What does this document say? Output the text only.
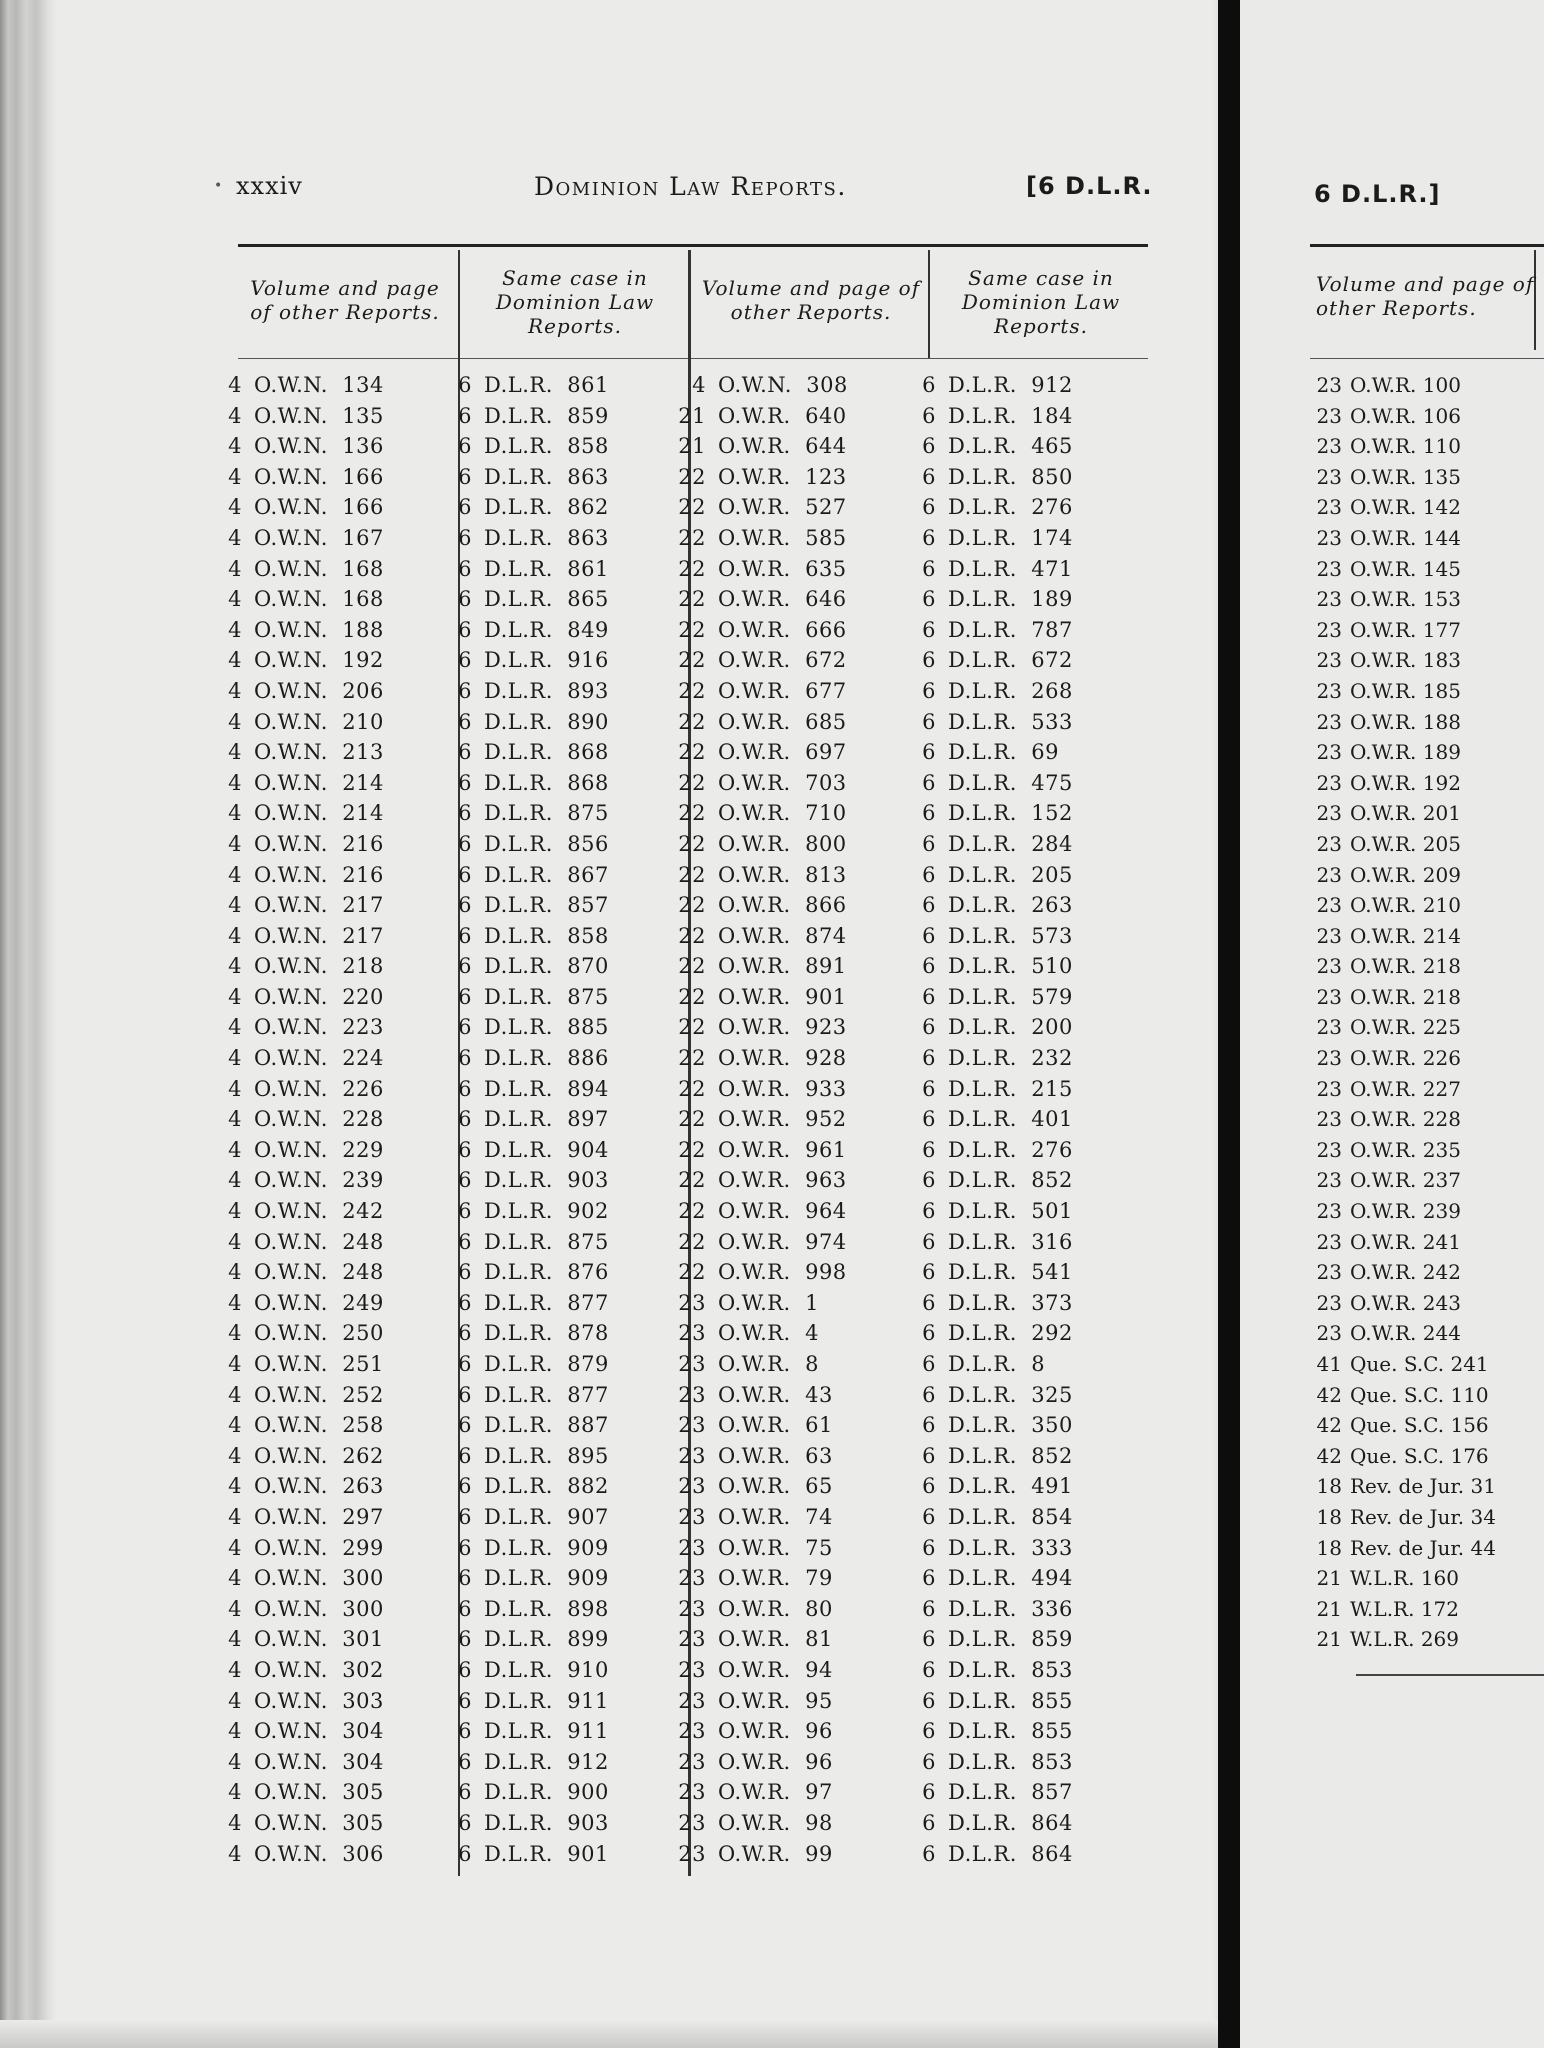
• xxxiv	Dominion Law Reports.	[6 D.L.R.
Volume and page of other Reports.
Same case in Dominion Law Reports.
Volume and page of other Reports.
Same case in Dominion Law Reports.
4 O.W.N.  134
4 O.W.N.  135
4 O.W.N.  136
4 O.W.N.  166
4 O.W.N.  166
4 O.W.N.  167
4 O.W.N.  168
4 O.W.N.  168
4 O.W.N.  188
4 O.W.N.  192
4 O.W.N.  206
4 O.W.N.  210
4 O.W.N.  213
4 O.W.N.  214
4 O.W.N.  214
4 O.W.N.  216
4 O.W.N.  216
4 O.W.N.  217
4 O.W.N.  217
4 O.W.N.  218
4 O.W.N.  220
4 O.W.N.  223
4 O.W.N.  224
4 O.W.N.  226
4 O.W.N.  228
4 O.W.N.  229
4 O.W.N.  239
4 O.W.N.  242
4 O.W.N.  248
4 O.W.N.  248
4 O.W.N.  249
4 O.W.N.  250
4 O.W.N.  251
4 O.W.N.  252
4 O.W.N.  258
4 O.W.N.  262
4 O.W.N.  263
4 O.W.N.  297
4 O.W.N.  299
4 O.W.N.  300
4 O.W.N.  300
4 O.W.N.  301
4 O.W.N.  302
4 O.W.N.  303
4 O.W.N.  304
4 O.W.N.  304
4 O.W.N.  305
4 O.W.N.  305
4 O.W.N.  306
6 D.L.R.  861
6 D.L.R.  859
6 D.L.R.  858
6 D.L.R.  863
6 D.L.R.  862
6 D.L.R.  863
6 D.L.R.  861
6 D.L.R.  865
6 D.L.R.  849
6 D.L.R.  916
6 D.L.R.  893
6 D.L.R.  890
6 D.L.R.  868
6 D.L.R.  868
6 D.L.R.  875
6 D.L.R.  856
6 D.L.R.  867
6 D.L.R.  857
6 D.L.R.  858
6 D.L.R.  870
6 D.L.R.  875
6 D.L.R.  885
6 D.L.R.  886
6 D.L.R.  894
6 D.L.R.  897
6 D.L.R.  904
6 D.L.R.  903
6 D.L.R.  902
6 D.L.R.  875
6 D.L.R.  876
6 D.L.R.  877
6 D.L.R.  878
6 D.L.R.  879
6 D.L.R.  877
6 D.L.R.  887
6 D.L.R.  895
6 D.L.R.  882
6 D.L.R.  907
6 D.L.R.  909
6 D.L.R.  909
6 D.L.R.  898
6 D.L.R.  899
6 D.L.R.  910
6 D.L.R.  911
6 D.L.R.  911
6 D.L.R.  912
6 D.L.R.  900
6 D.L.R.  903
6 D.L.R.  901
4 O.W.N.  308
21 O.W.R.  640
21 O.W.R.  644
22 O.W.R.  123
22 O.W.R.  527
22 O.W.R.  585
22 O.W.R.  635
22 O.W.R.  646
22 O.W.R.  666
22 O.W.R.  672
22 O.W.R.  677
22 O.W.R.  685
22 O.W.R.  697
22 O.W.R.  703
22 O.W.R.  710
22 O.W.R.  800
22 O.W.R.  813
22 O.W.R.  866
22 O.W.R.  874
22 O.W.R.  891
22 O.W.R.  901
22 O.W.R.  923
22 O.W.R.  928
22 O.W.R.  933
22 O.W.R.  952
22 O.W.R.  961
22 O.W.R.  963
22 O.W.R.  964
22 O.W.R.  974
22 O.W.R.  998
23 O.W.R.  1
23 O.W.R.  4
23 O.W.R.  8
23 O.W.R.  43
23 O.W.R.  61
23 O.W.R.  63
23 O.W.R.  65
23 O.W.R.  74
23 O.W.R.  75
23 O.W.R.  79
23 O.W.R.  80
23 O.W.R.  81
23 O.W.R.  94
23 O.W.R.  95
23 O.W.R.  96
23 O.W.R.  96
23 O.W.R.  97
23 O.W.R.  98
23 O.W.R.  99
6 D.L.R.  912
6 D.L.R.  184
6 D.L.R.  465
6 D.L.R.  850
6 D.L.R.  276
6 D.L.R.  174
6 D.L.R.  471
6 D.L.R.  189
6 D.L.R.  787
6 D.L.R.  672
6 D.L.R.  268
6 D.L.R.  533
6 D.L.R.  69
6 D.L.R.  475
6 D.L.R.  152
6 D.L.R.  284
6 D.L.R.  205
6 D.L.R.  263
6 D.L.R.  573
6 D.L.R.  510
6 D.L.R.  579
6 D.L.R.  200
6 D.L.R.  232
6 D.L.R.  215
6 D.L.R.  401
6 D.L.R.  276
6 D.L.R.  852
6 D.L.R.  501
6 D.L.R.  316
6 D.L.R.  541
6 D.L.R.  373
6 D.L.R.  292
6 D.L.R.  8
6 D.L.R.  325
6 D.L.R.  350
6 D.L.R.  852
6 D.L.R.  491
6 D.L.R.  854
6 D.L.R.  333
6 D.L.R.  494
6 D.L.R.  336
6 D.L.R.  859
6 D.L.R.  853
6 D.L.R.  855
6 D.L.R.  855
6 D.L.R.  853
6 D.L.R.  857
6 D.L.R.  864
6 D.L.R.  864
6 D.L.R.]
Volume and page of other Reports.
23 O.W.R. 100
23 O.W.R. 106
23 O.W.R. 110
23 O.W.R. 135
23 O.W.R. 142
23 O.W.R. 144
23 O.W.R. 145
23 O.W.R. 153
23 O.W.R. 177
23 O.W.R. 183
23 O.W.R. 185
23 O.W.R. 188
23 O.W.R. 189
23 O.W.R. 192
23 O.W.R. 201
23 O.W.R. 205
23 O.W.R. 209
23 O.W.R. 210
23 O.W.R. 214
23 O.W.R. 218
23 O.W.R. 218
23 O.W.R. 225
23 O.W.R. 226
23 O.W.R. 227
23 O.W.R. 228
23 O.W.R. 235
23 O.W.R. 237
23 O.W.R. 239
23 O.W.R. 241
23 O.W.R. 242
23 O.W.R. 243
23 O.W.R. 244
41 Que. S.C. 241
42 Que. S.C. 110
42 Que. S.C. 156
42 Que. S.C. 176
18 Rev. de Jur. 31
18 Rev. de Jur. 34
18 Rev. de Jur. 44
21 W.L.R. 160
21 W.L.R. 172
21 W.L.R. 269
